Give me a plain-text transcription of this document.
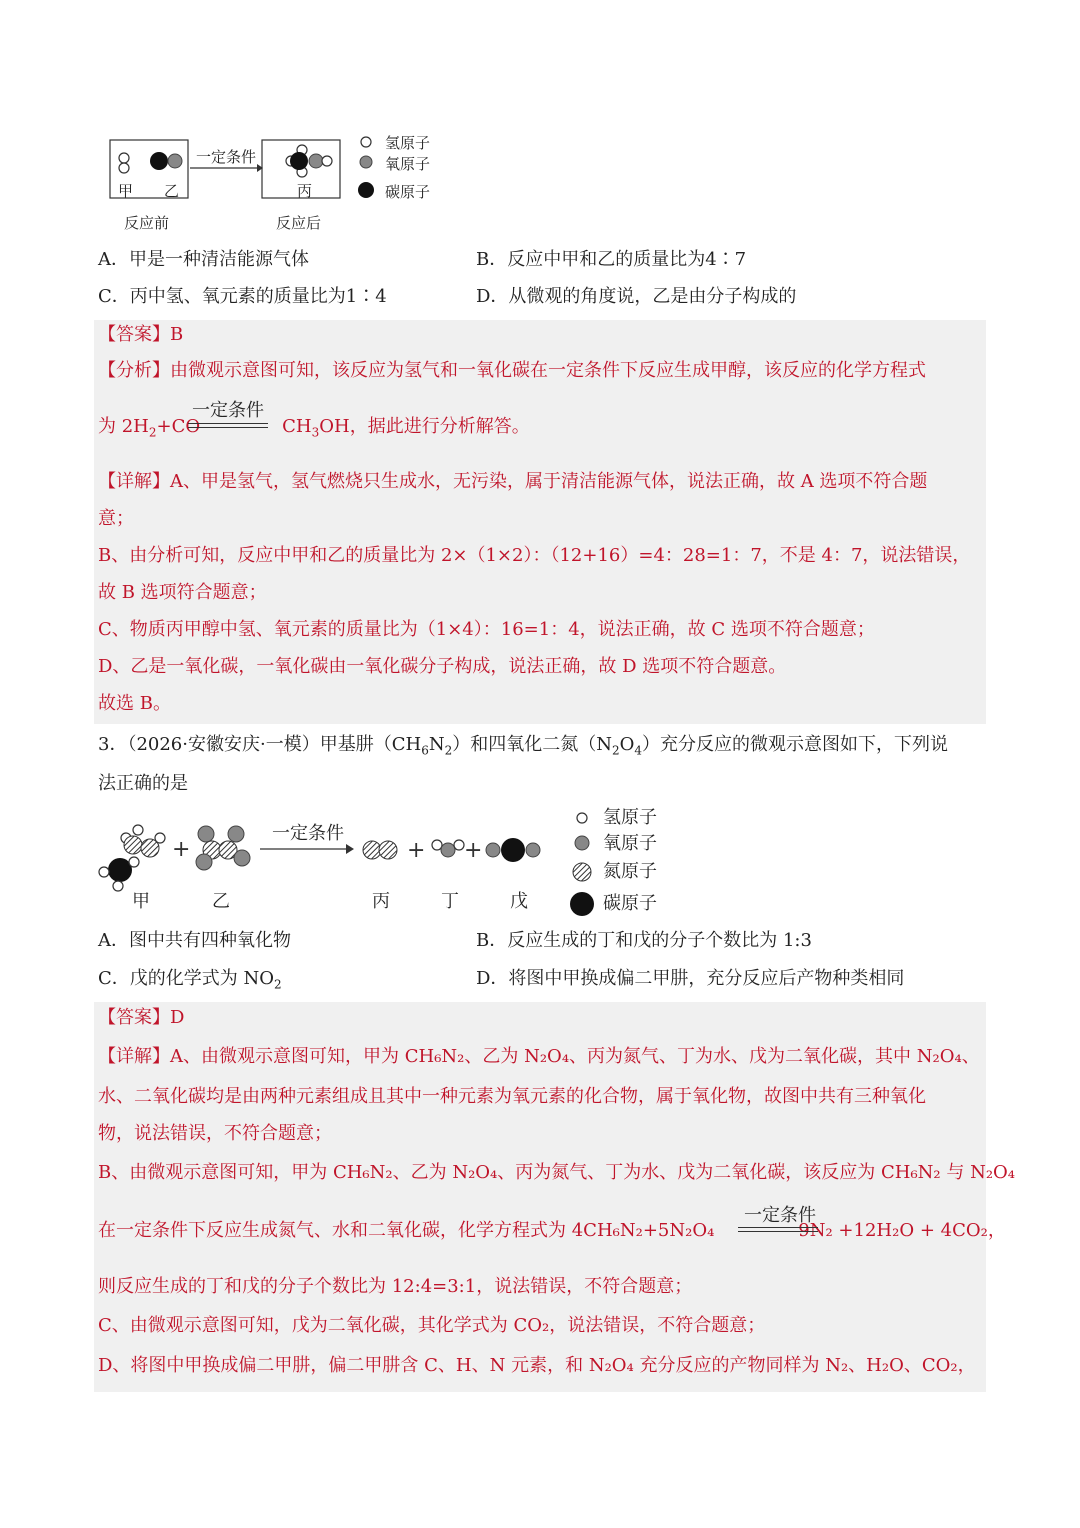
一定条件
甲 乙	丙
反应前	反应后
氢原子
氧原子
碳原子
A．甲是一种清洁能源气体	B．反应中甲和乙的质量比为4∶7
C．丙中氢、氧元素的质量比为1∶4	D．从微观的角度说，乙是由分子构成的
【答案】B
【分析】由微观示意图可知，该反应为氢气和一氧化碳在一定条件下反应生成甲醇，该反应的化学方程式
为 $2H_2+CO$	$CH_3OH$，据此进行分析解答。
一定条件
【详解】A、甲是氢气，氢气燃烧只生成水，无污染，属于清洁能源气体，说法正确，故 A 选项不符合题
意；
B、由分析可知，反应中甲和乙的质量比为 2×（1×2）：（12+16）=4：28=1：7，不是 4：7，说法错误，
故 B 选项符合题意；
C、物质丙甲醇中氢、氧元素的质量比为（1×4）：16=1：4，说法正确，故 C 选项不符合题意；
D、乙是一氧化碳，一氧化碳由一氧化碳分子构成，说法正确，故 D 选项不符合题意。
故选 B。
3．（2026·安徽安庆·一模）甲基肼$(CH_6N_2)$和四氧化二氮$(N_2O_4)$充分反应的微观示意图如下，下列说
法正确的是
+	+ +
一定条件
甲	乙	丙	丁	戊
氢原子
氧原子
氮原子
碳原子
A．图中共有四种氧化物	B．反应生成的丁和戊的分子个数比为 1:3
C．戊的化学式为 $NO_2$	D．将图中甲换成偏二甲肼，充分反应后产物种类相同
【答案】D
【详解】A、由微观示意图可知，甲为 CH₆N₂、乙为 N₂O₄、丙为氮气、丁为水、戊为二氧化碳，其中 N₂O₄、
水、二氧化碳均是由两种元素组成且其中一种元素为氧元素的化合物，属于氧化物，故图中共有三种氧化
物，说法错误，不符合题意；
B、由微观示意图可知，甲为 CH₆N₂、乙为 N₂O₄、丙为氮气、丁为水、戊为二氧化碳，该反应为 CH₆N₂ 与 N₂O₄
在一定条件下反应生成氮气、水和二氧化碳，化学方程式为 4CH₆N₂+5N₂O₄	9N₂ +12H₂O + 4CO₂，
一定条件
则反应生成的丁和戊的分子个数比为 12:4=3:1，说法错误，不符合题意；
C、由微观示意图可知，戊为二氧化碳，其化学式为 CO₂，说法错误，不符合题意；
D、将图中甲换成偏二甲肼，偏二甲肼含 C、H、N 元素，和 N₂O₄ 充分反应的产物同样为 N₂、H₂O、CO₂，
